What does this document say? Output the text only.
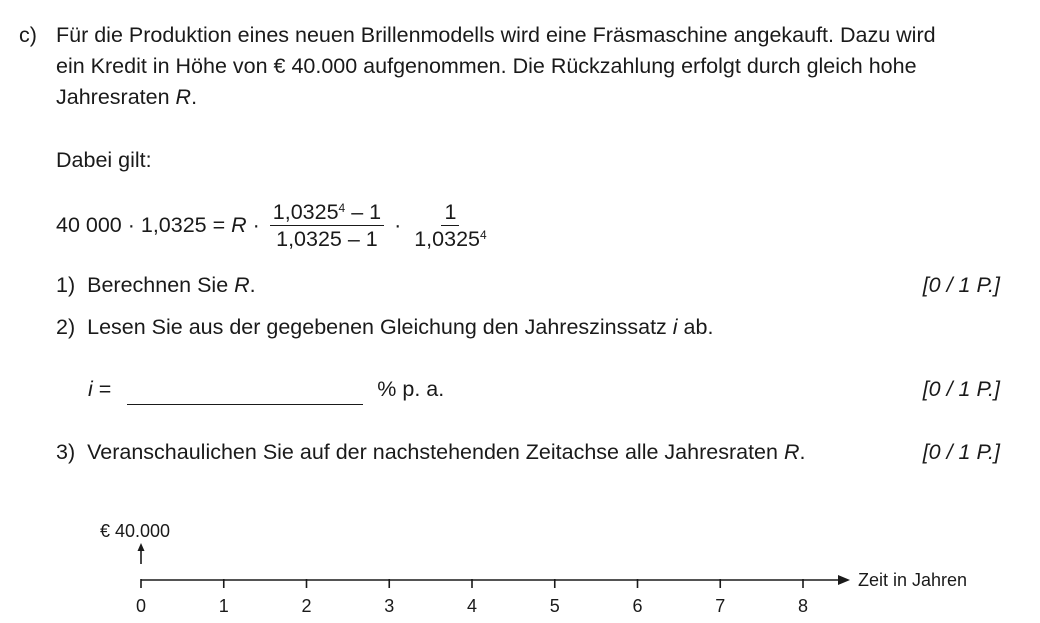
c) Für die Produktion eines neuen Brillenmodells wird eine Fräsmaschine angekauft. Dazu wird
ein Kredit in Höhe von € 40.000 aufgenommen. Die Rückzahlung erfolgt durch gleich hohe
Jahresraten R.
Dabei gilt:
40 $000 \cdot 1,0325 = R \cdot \frac{1,0325^4 - 1}{1,0325 - 1} \cdot \frac{1}{1,0325^4}$
1) Berechnen Sie R.	[0 / 1 P.]
2) Lesen Sie aus der gegebenen Gleichung den Jahreszinssatz i ab.
i =	% p. a.	[0 / 1 P.]
3) Veranschaulichen Sie auf der nachstehenden Zeitachse alle Jahresraten R.	[0 / 1 P.]
€ 40.000
Zeit in Jahren
0	1	2	3	4	5	6	7	8
